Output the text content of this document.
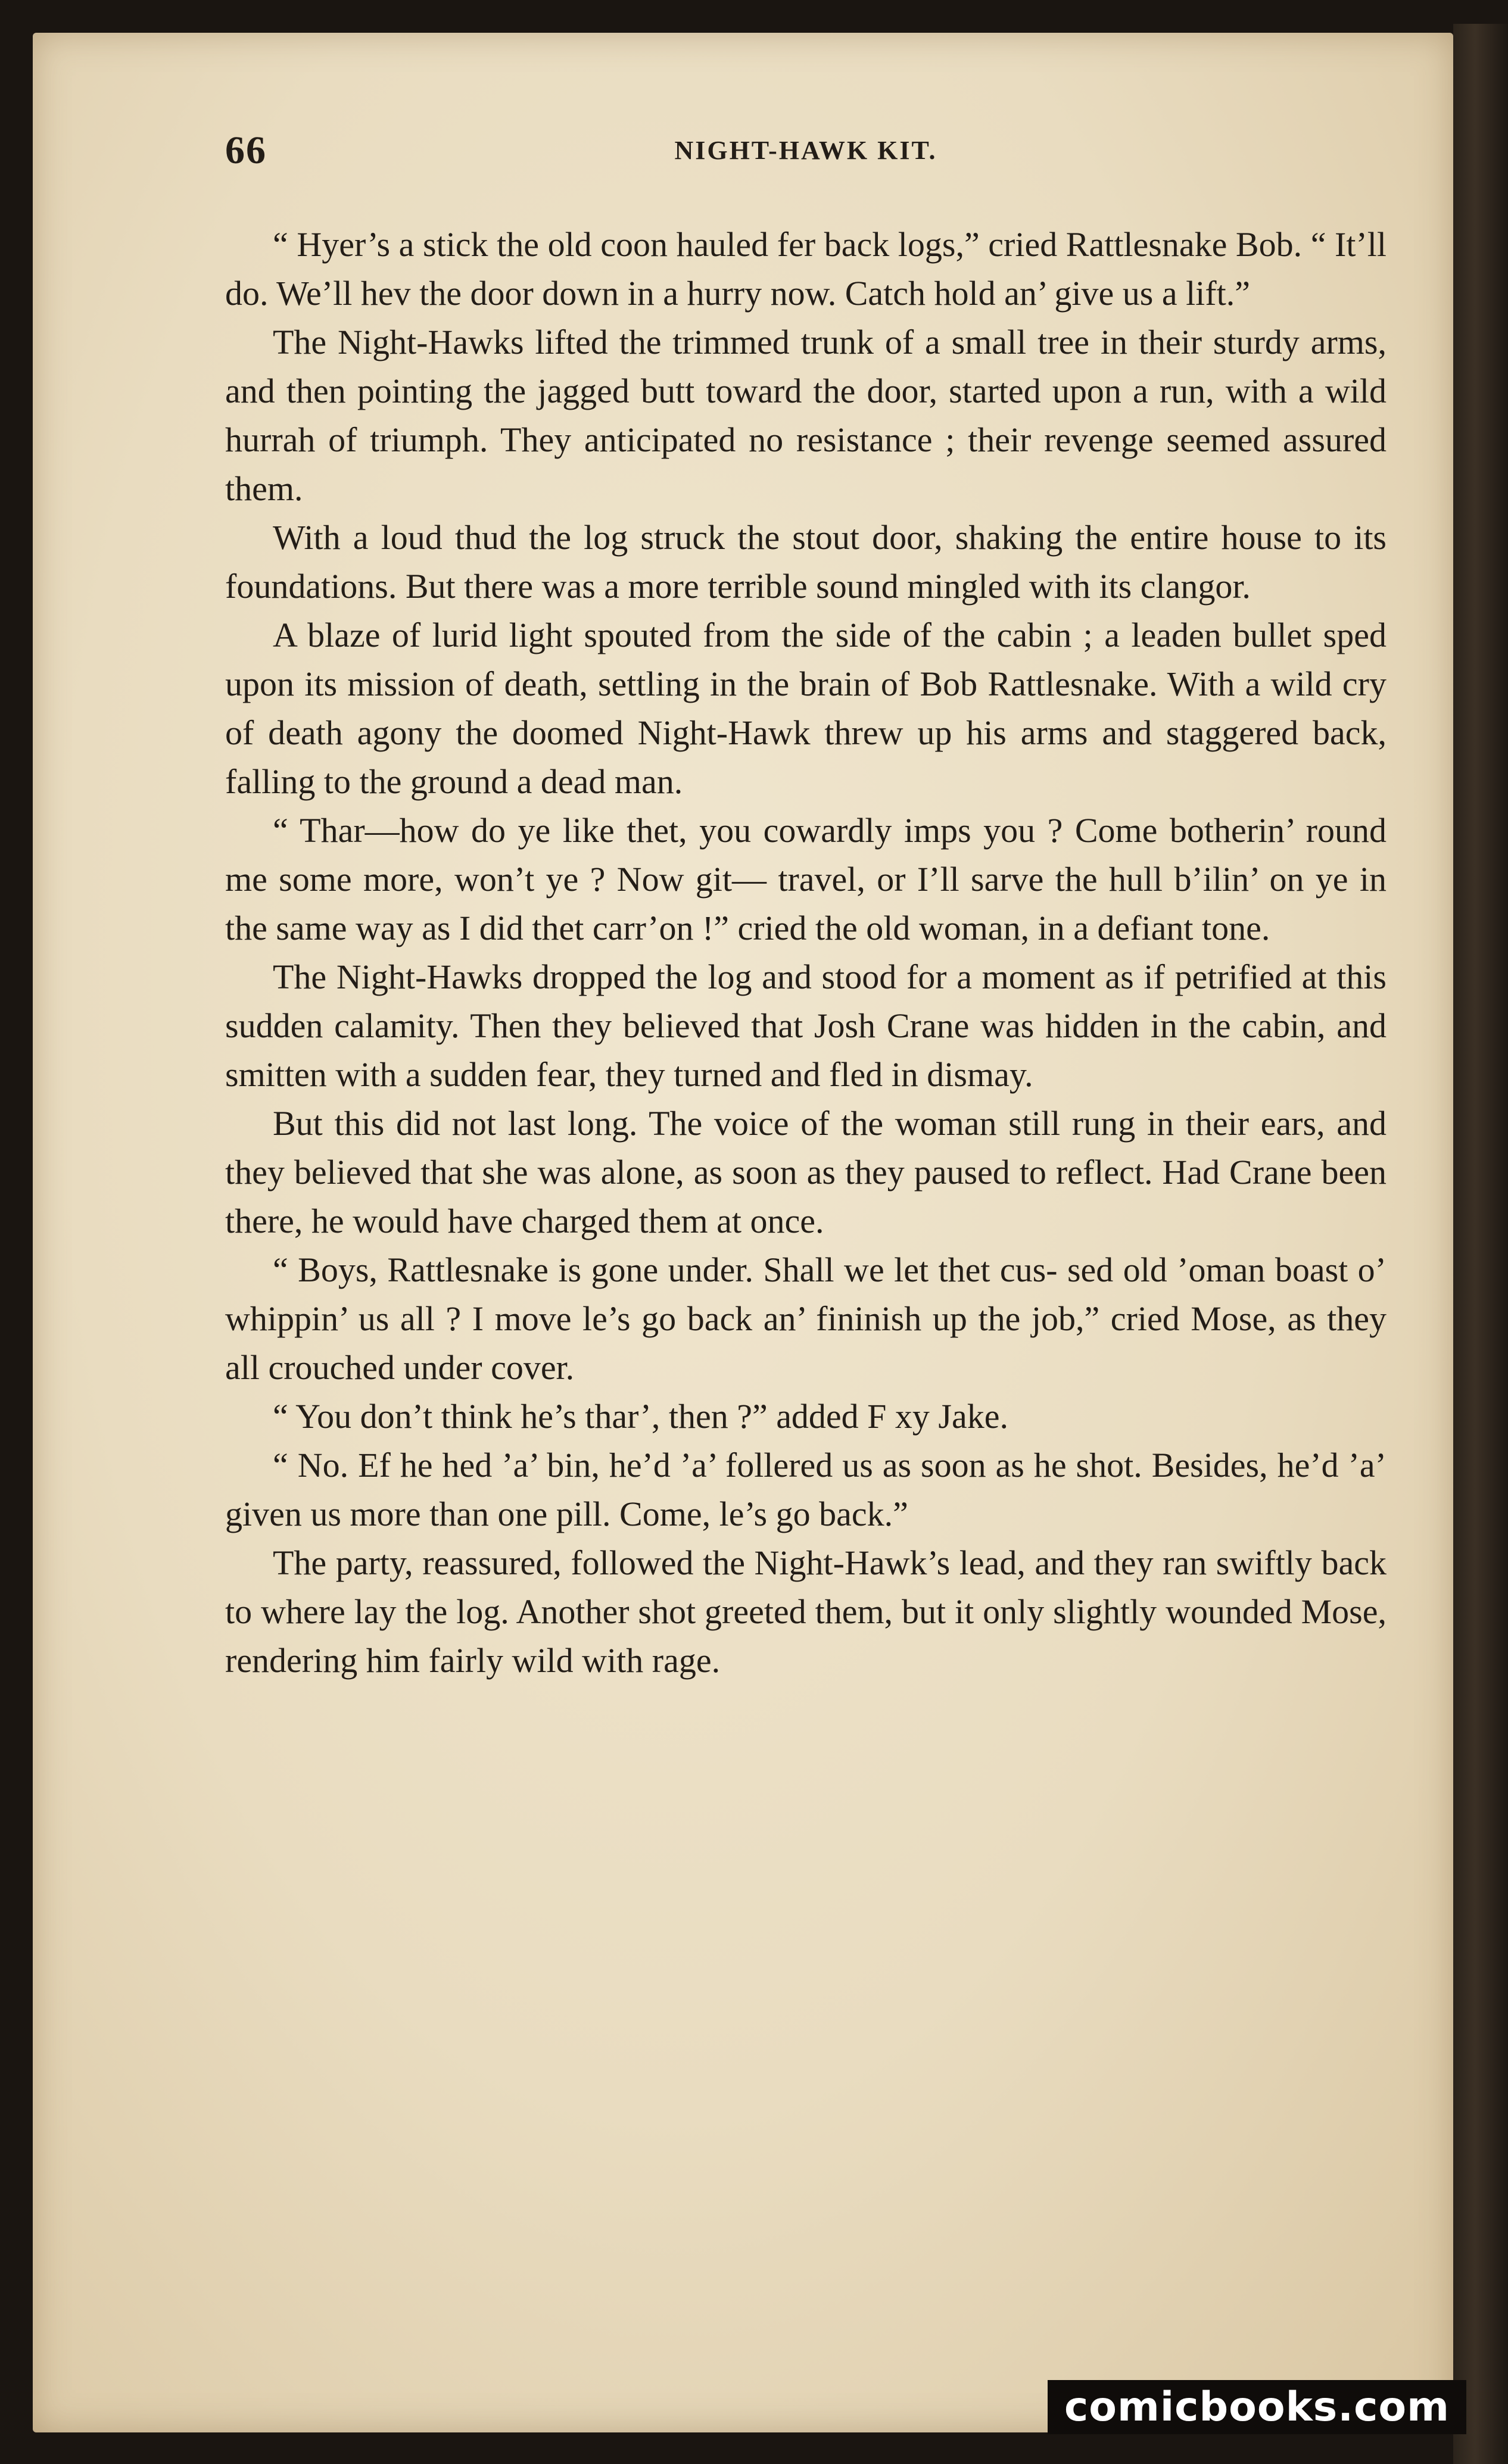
66	NIGHT-HAWK KIT.

“ Hyer’s a stick the old coon hauled fer back logs,” cried Rattlesnake Bob. “ It’ll do. We’ll hev the door down in a hurry now. Catch hold an’ give us a lift.”

The Night-Hawks lifted the trimmed trunk of a small tree in their sturdy arms, and then pointing the jagged butt toward the door, started upon a run, with a wild hurrah of triumph. They anticipated no resistance ; their revenge seemed assured them.

With a loud thud the log struck the stout door, shaking the entire house to its foundations. But there was a more terrible sound mingled with its clangor.

A blaze of lurid light spouted from the side of the cabin ; a leaden bullet sped upon its mission of death, settling in the brain of Bob Rattlesnake. With a wild cry of death agony the doomed Night-Hawk threw up his arms and staggered back, falling to the ground a dead man.

“ Thar—how do ye like thet, you cowardly imps you ? Come botherin’ round me some more, won’t ye ? Now git— travel, or I’ll sarve the hull b’ilin’ on ye in the same way as I did thet carr’on !” cried the old woman, in a defiant tone.

The Night-Hawks dropped the log and stood for a moment as if petrified at this sudden calamity. Then they believed that Josh Crane was hidden in the cabin, and smitten with a sudden fear, they turned and fled in dismay.

But this did not last long. The voice of the woman still rung in their ears, and they believed that she was alone, as soon as they paused to reflect. Had Crane been there, he would have charged them at once.

“ Boys, Rattlesnake is gone under. Shall we let thet cus- sed old ’oman boast o’ whippin’ us all ? I move le’s go back an’ fininish up the job,” cried Mose, as they all crouched under cover.

“ You don’t think he’s thar’, then ?” added F xy Jake.

“ No. Ef he hed ’a’ bin, he’d ’a’ follered us as soon as he shot. Besides, he’d ’a’ given us more than one pill. Come, le’s go back.”

The party, reassured, followed the Night-Hawk’s lead, and they ran swiftly back to where lay the log. Another shot greeted them, but it only slightly wounded Mose, rendering him fairly wild with rage.

comicbooks.com
